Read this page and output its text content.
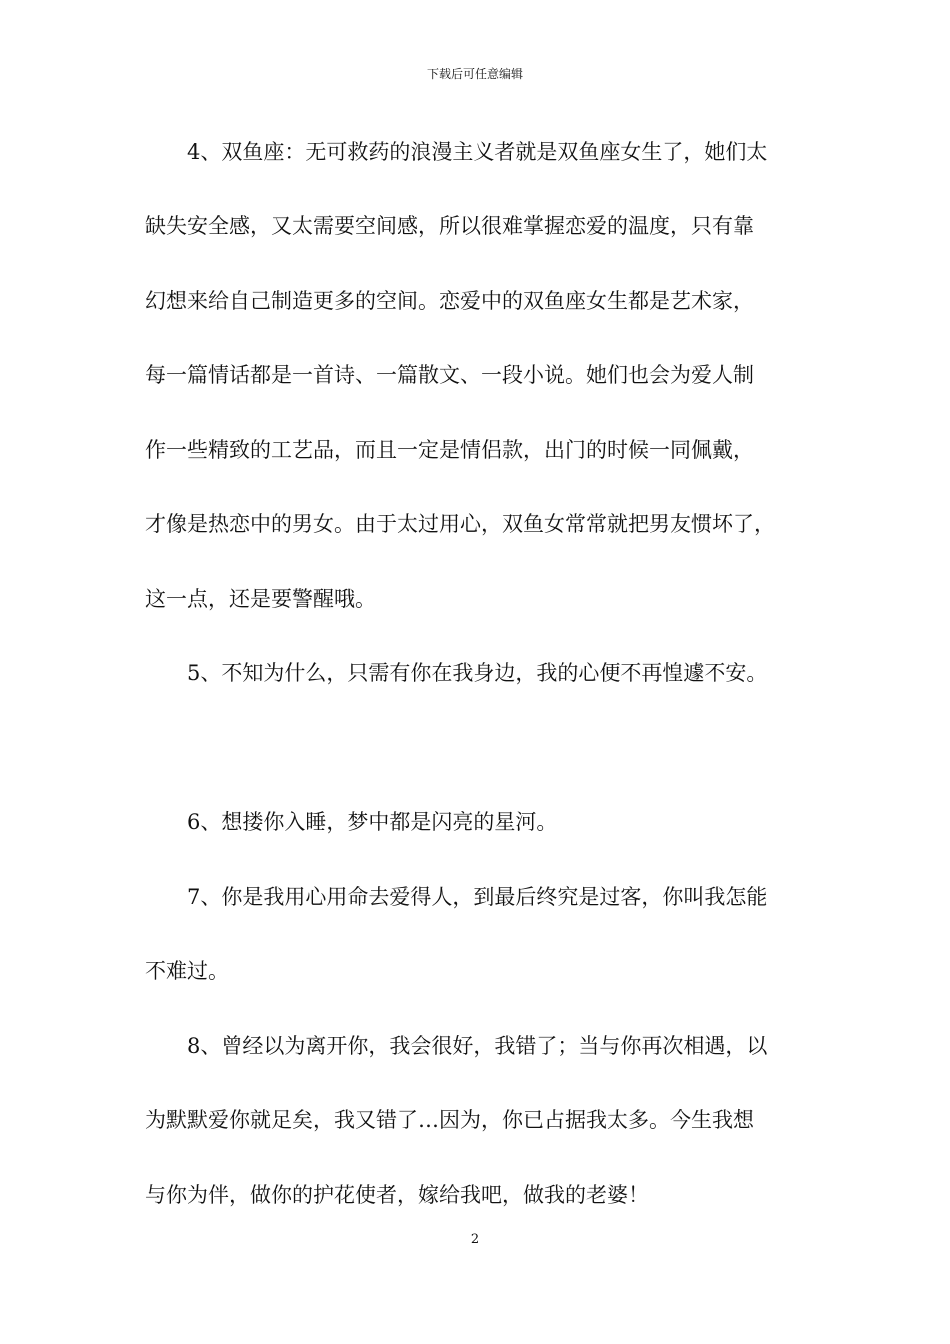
下载后可任意编辑
4、双鱼座：无可救药的浪漫主义者就是双鱼座女生了，她们太
缺失安全感，又太需要空间感，所以很难掌握恋爱的温度，只有靠
幻想来给自己制造更多的空间。恋爱中的双鱼座女生都是艺术家，
每一篇情话都是一首诗、一篇散文、一段小说。她们也会为爱人制
作一些精致的工艺品，而且一定是情侣款，出门的时候一同佩戴，
才像是热恋中的男女。由于太过用心，双鱼女常常就把男友惯坏了，
这一点，还是要警醒哦。
5、不知为什么，只需有你在我身边，我的心便不再惶遽不安。
6、想搂你入睡，梦中都是闪亮的星河。
7、你是我用心用命去爱得人，到最后终究是过客，你叫我怎能
不难过。
8、曾经以为离开你，我会很好，我错了；当与你再次相遇，以
为默默爱你就足矣，我又错了…因为，你已占据我太多。今生我想
与你为伴，做你的护花使者，嫁给我吧，做我的老婆！
2
